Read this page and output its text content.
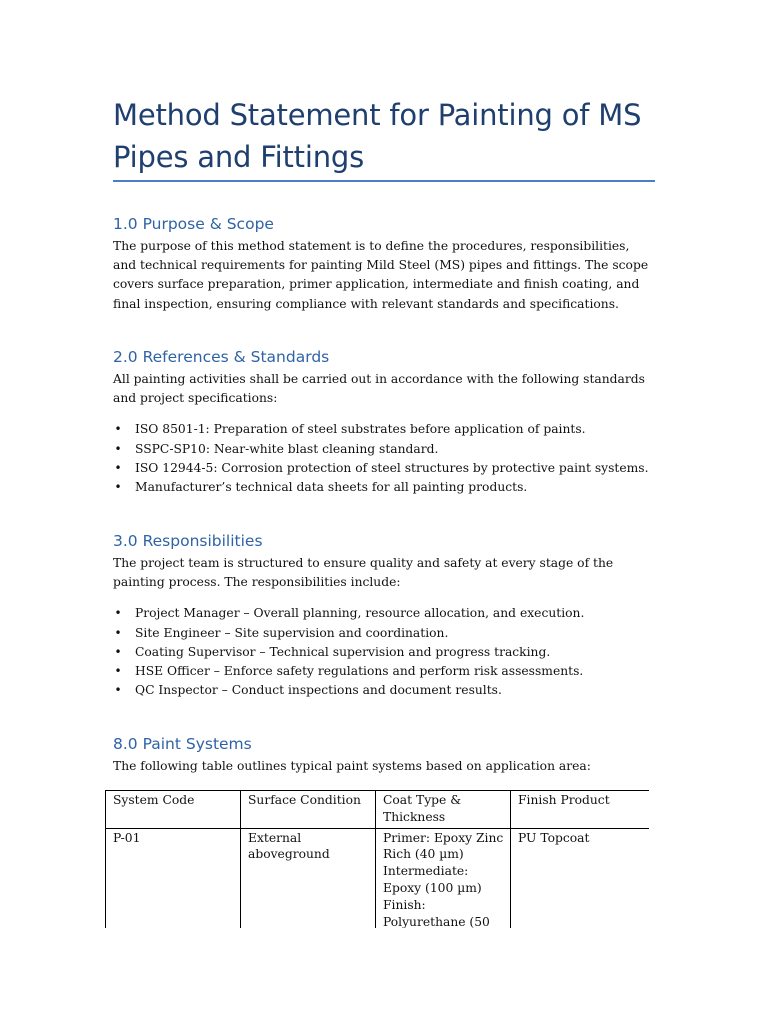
Method Statement for Painting of MS Pipes and Fittings
1.0 Purpose & Scope

The purpose of this method statement is to define the procedures, responsibilities, and technical requirements for painting Mild Steel (MS) pipes and fittings. The scope covers surface preparation, primer application, intermediate and finish coating, and final inspection, ensuring compliance with relevant standards and specifications.

2.0 References & Standards

All painting activities shall be carried out in accordance with the following standards and project specifications:

• ISO 8501-1: Preparation of steel substrates before application of paints.
• SSPC-SP10: Near-white blast cleaning standard.
• ISO 12944-5: Corrosion protection of steel structures by protective paint systems.
• Manufacturer’s technical data sheets for all painting products.
3.0 Responsibilities

The project team is structured to ensure quality and safety at every stage of the painting process. The responsibilities include:

• Project Manager – Overall planning, resource allocation, and execution.
• Site Engineer – Site supervision and coordination.
• Coating Supervisor – Technical supervision and progress tracking.
• HSE Officer – Enforce safety regulations and perform risk assessments.
• QC Inspector – Conduct inspections and document results.
8.0 Paint Systems

The following table outlines typical paint systems based on application area:

System Code	Surface Condition	Coat Type & Thickness	Finish Product
P-01	External aboveground	Primer: Epoxy Zinc Rich (40 µm) Intermediate: Epoxy (100 µm) Finish: Polyurethane (50	PU Topcoat
